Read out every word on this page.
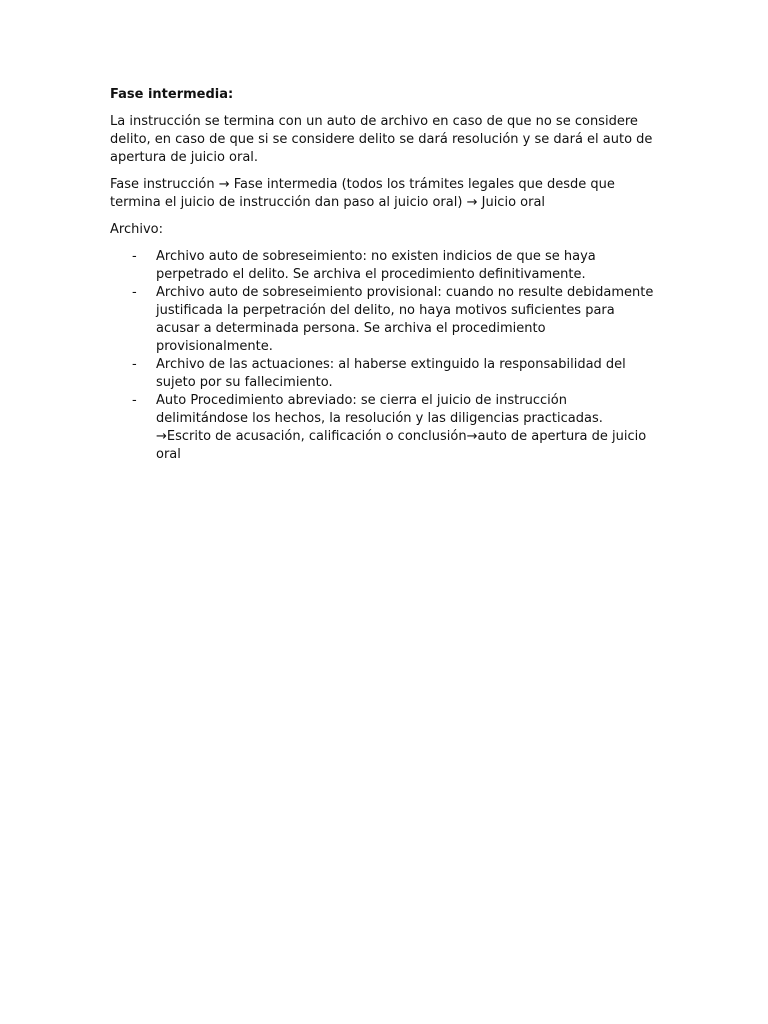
Fase intermedia:

La instrucción se termina con un auto de archivo en caso de que no se considere delito, en caso de que si se considere delito se dará resolución y se dará el auto de apertura de juicio oral.

Fase instrucción → Fase intermedia (todos los trámites legales que desde que termina el juicio de instrucción dan paso al juicio oral) → Juicio oral

Archivo:

- Archivo auto de sobreseimiento: no existen indicios de que se haya perpetrado el delito. Se archiva el procedimiento definitivamente.
- Archivo auto de sobreseimiento provisional: cuando no resulte debidamente justificada la perpetración del delito, no haya motivos suficientes para acusar a determinada persona. Se archiva el procedimiento provisionalmente.
- Archivo de las actuaciones: al haberse extinguido la responsabilidad del sujeto por su fallecimiento.
- Auto Procedimiento abreviado: se cierra el juicio de instrucción delimitándose los hechos, la resolución y las diligencias practicadas. →Escrito de acusación, calificación o conclusión→auto de apertura de juicio oral
